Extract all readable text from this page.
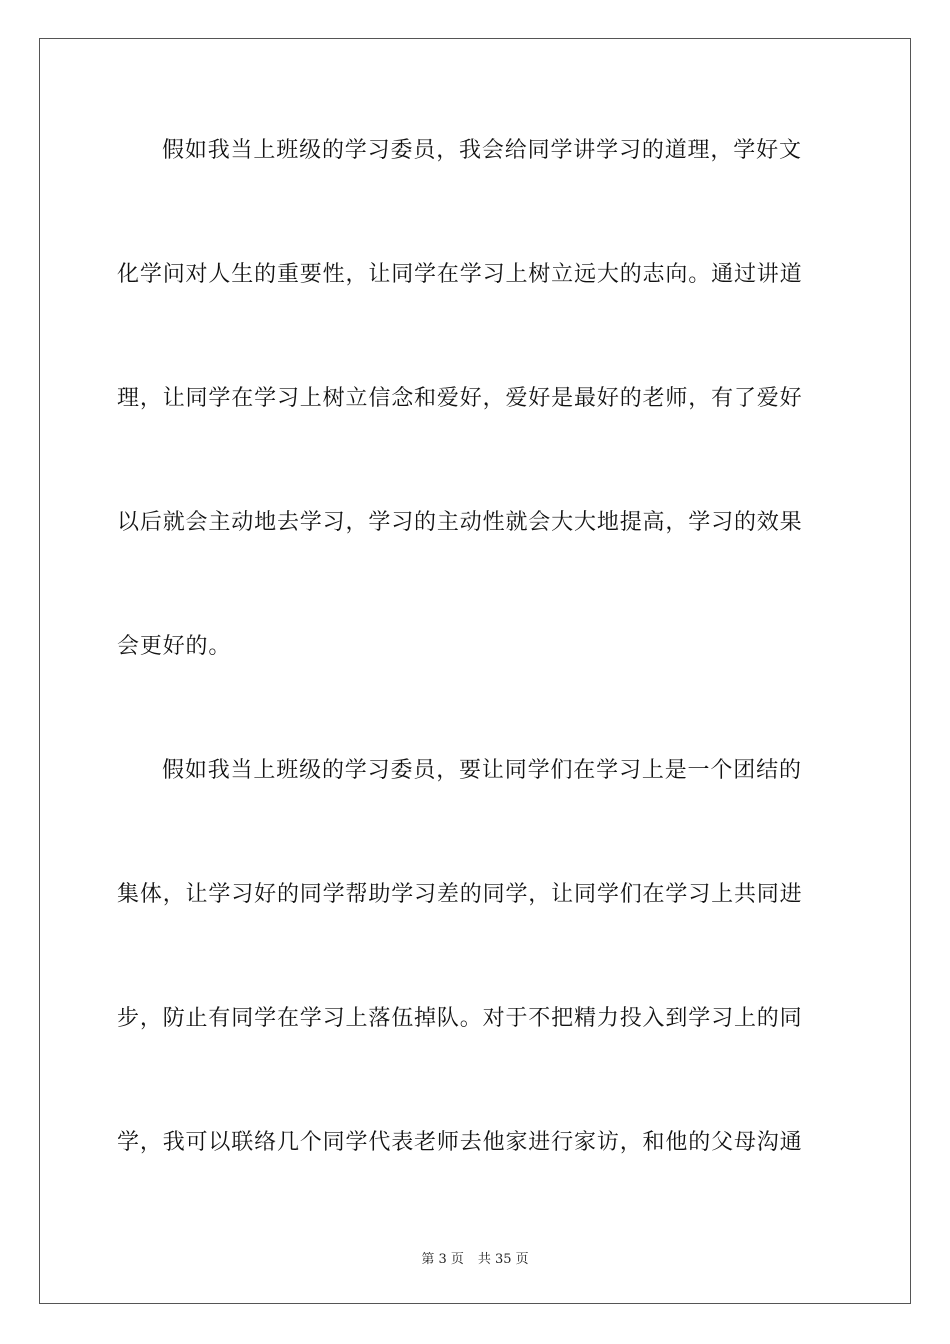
假如我当上班级的学习委员，我会给同学讲学习的道理，学好文
化学问对人生的重要性，让同学在学习上树立远大的志向。通过讲道
理，让同学在学习上树立信念和爱好，爱好是最好的老师，有了爱好
以后就会主动地去学习，学习的主动性就会大大地提高，学习的效果
会更好的。
假如我当上班级的学习委员，要让同学们在学习上是一个团结的
集体，让学习好的同学帮助学习差的同学，让同学们在学习上共同进
步，防止有同学在学习上落伍掉队。对于不把精力投入到学习上的同
学，我可以联络几个同学代表老师去他家进行家访，和他的父母沟通
第 3 页 共 35 页
